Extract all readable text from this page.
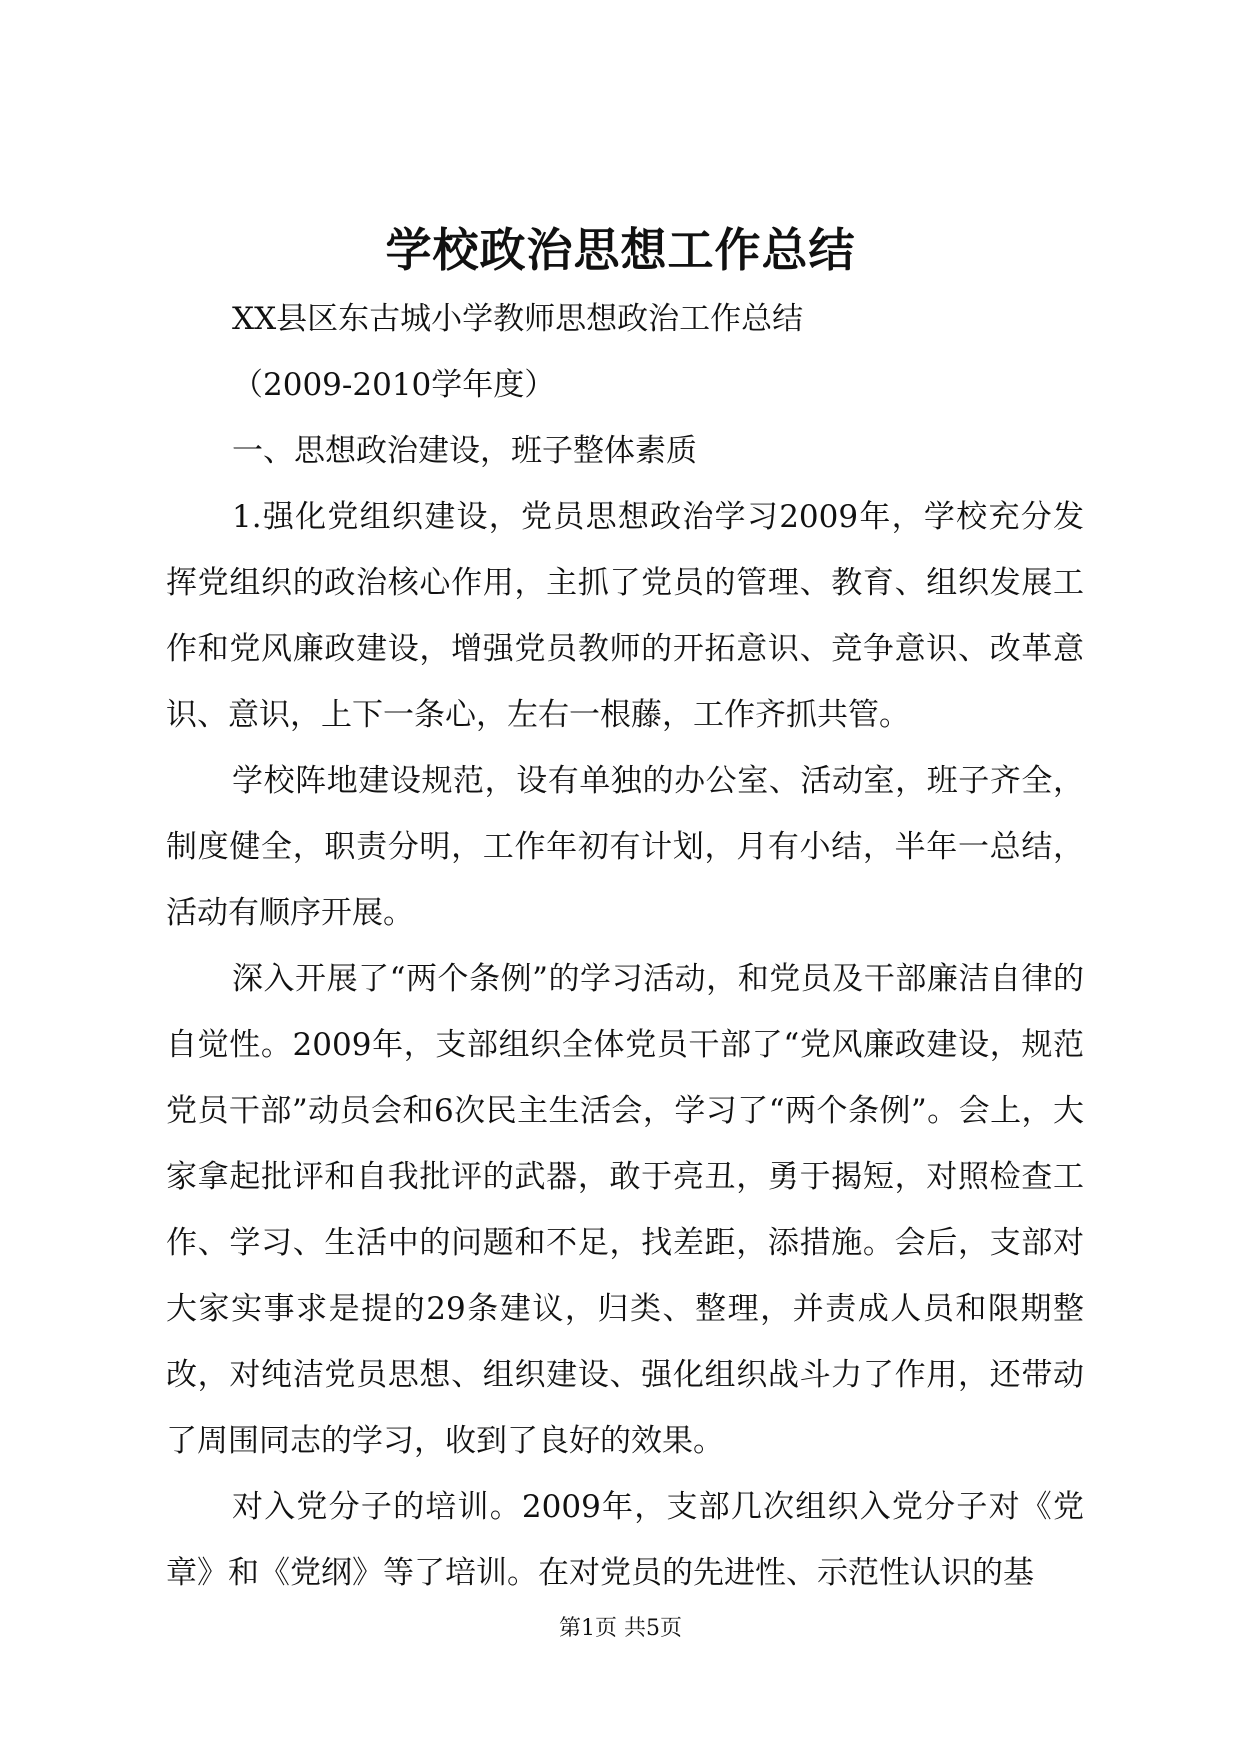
学校政治思想工作总结

XX县区东古城小学教师思想政治工作总结

（2009-2010学年度）

一、思想政治建设，班子整体素质

1.强化党组织建设，党员思想政治学习2009年，学校充分发挥党组织的政治核心作用，主抓了党员的管理、教育、组织发展工作和党风廉政建设，增强党员教师的开拓意识、竞争意识、改革意识、意识，上下一条心，左右一根藤，工作齐抓共管。

学校阵地建设规范，设有单独的办公室、活动室，班子齐全，制度健全，职责分明，工作年初有计划，月有小结，半年一总结，活动有顺序开展。

深入开展了“两个条例”的学习活动，和党员及干部廉洁自律的自觉性。2009年，支部组织全体党员干部了“党风廉政建设，规范党员干部”动员会和6次民主生活会，学习了“两个条例”。会上，大家拿起批评和自我批评的武器，敢于亮丑，勇于揭短，对照检查工作、学习、生活中的问题和不足，找差距，添措施。会后，支部对大家实事求是提的29条建议，归类、整理，并责成人员和限期整改，对纯洁党员思想、组织建设、强化组织战斗力了作用，还带动了周围同志的学习，收到了良好的效果。

对入党分子的培训。2009年，支部几次组织入党分子对《党章》和《党纲》等了培训。在对党员的先进性、示范性认识的基

第1页 共5页
